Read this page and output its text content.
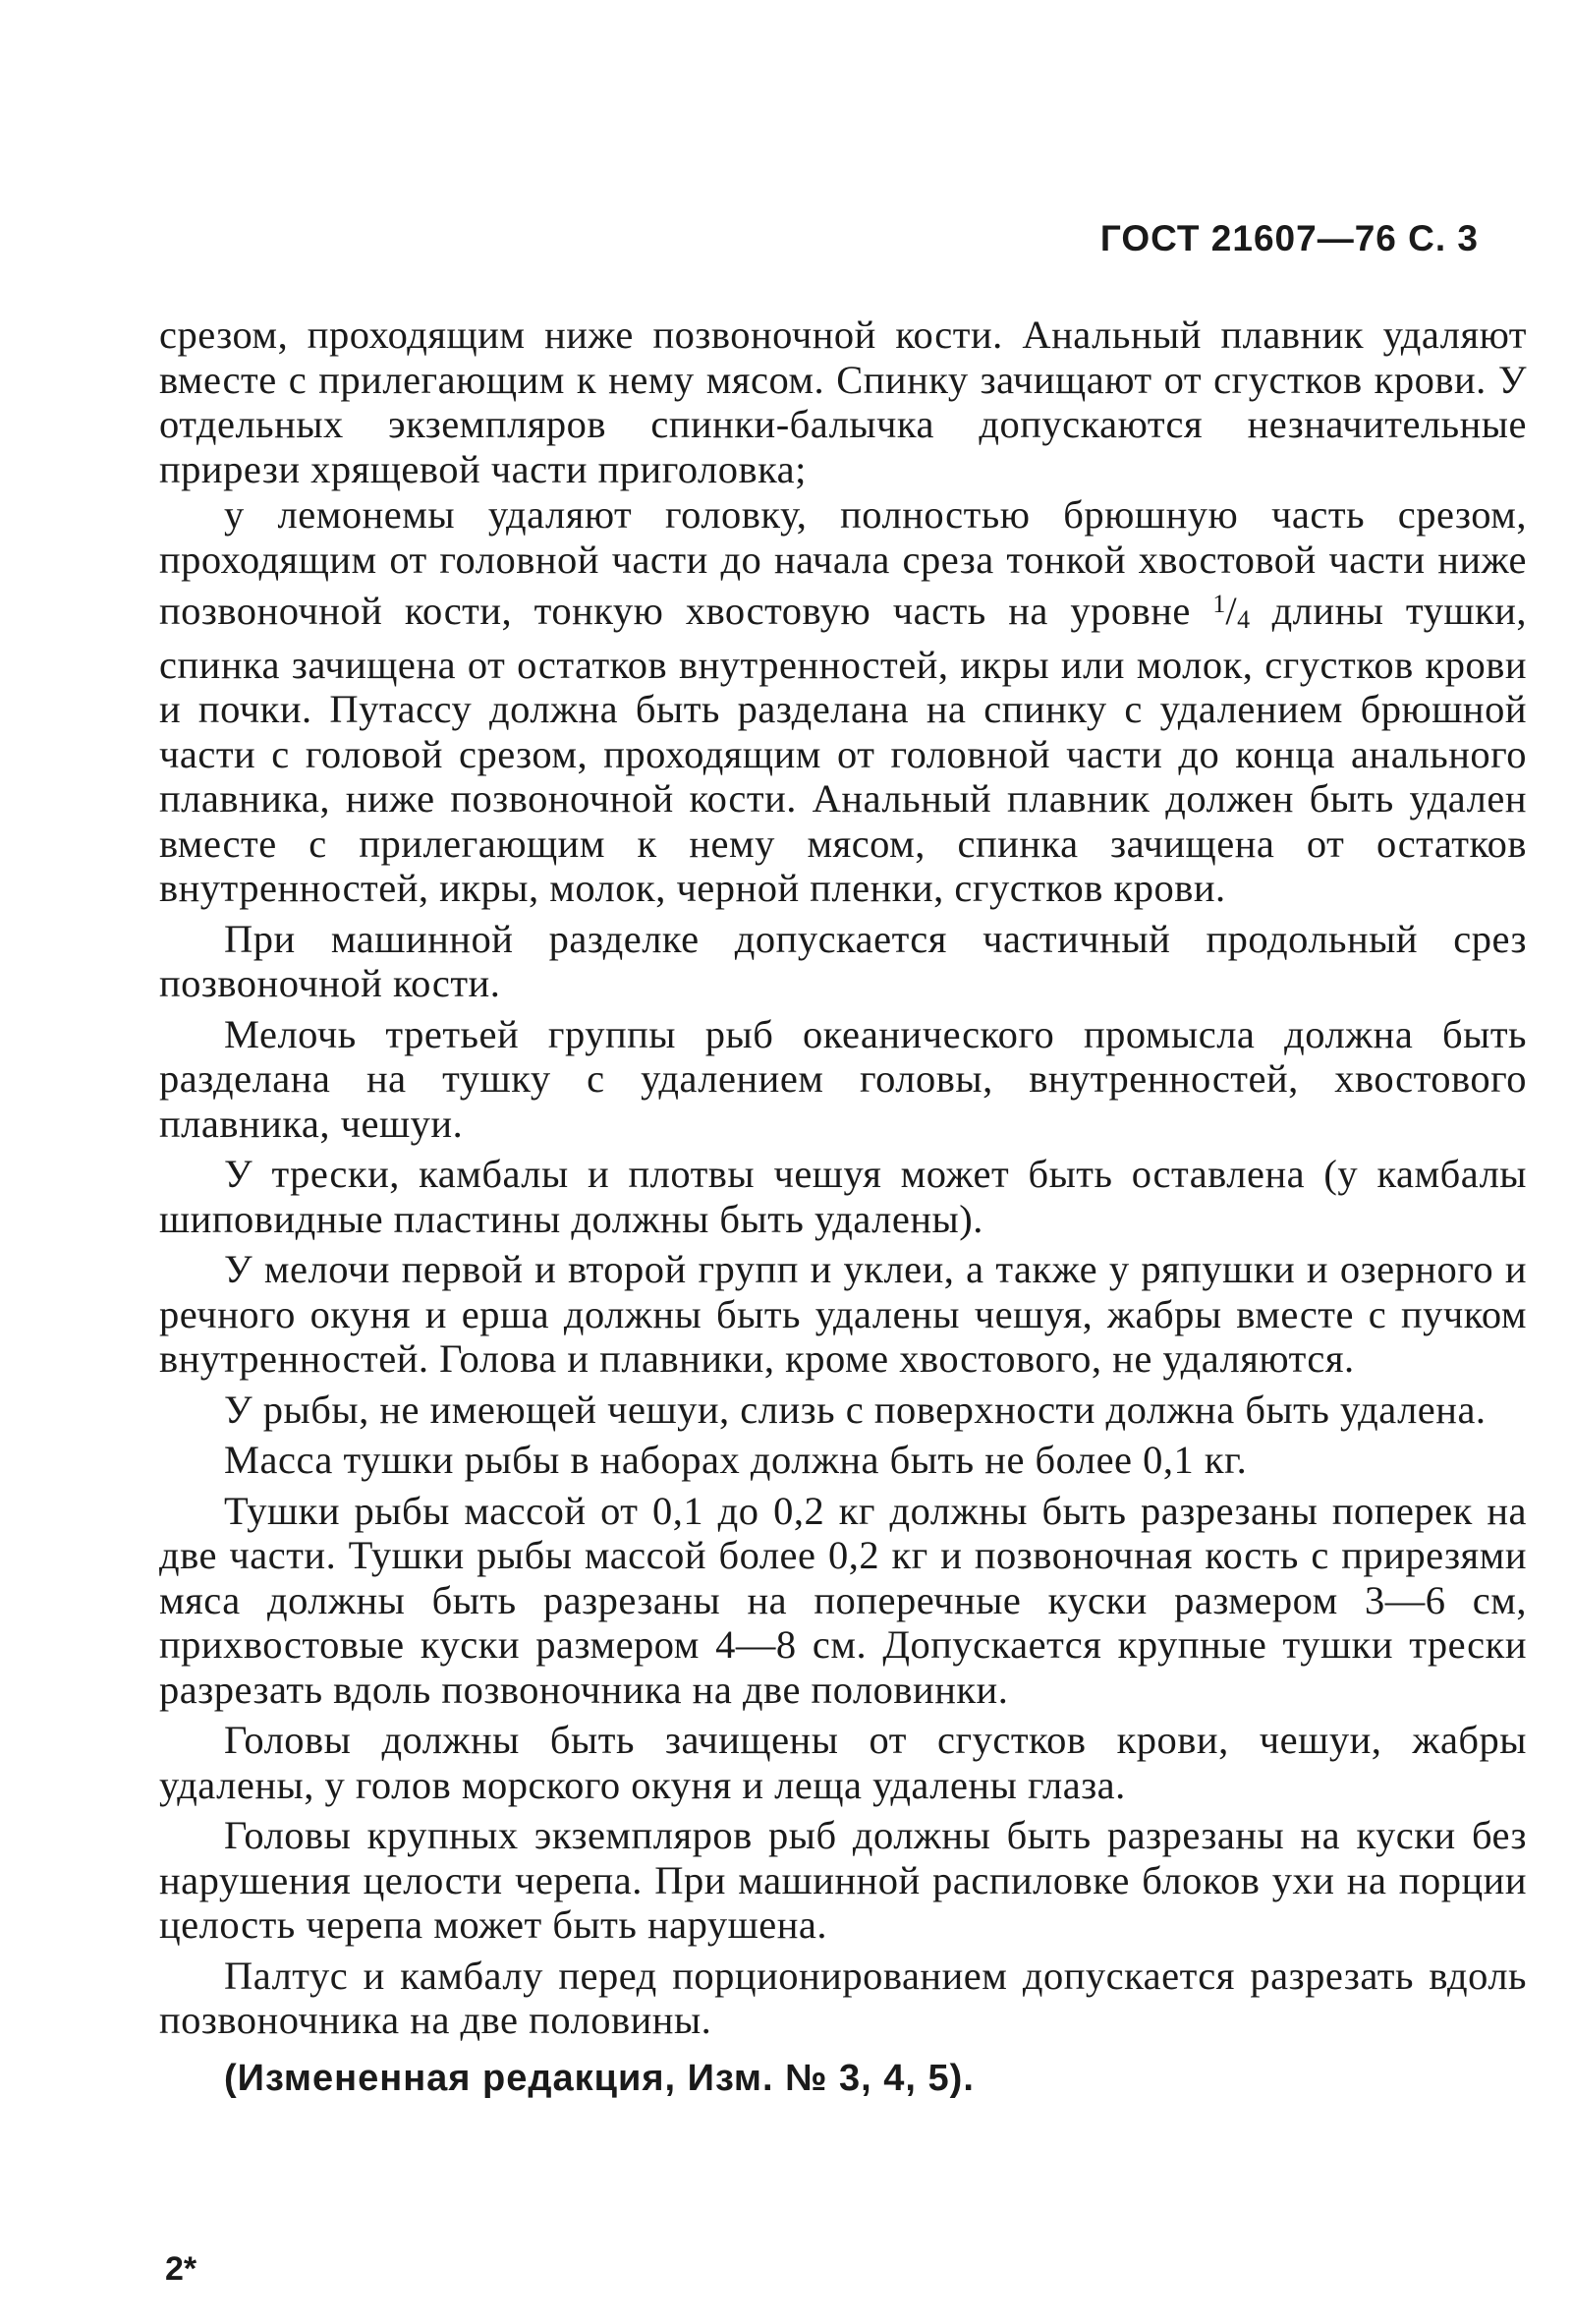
ГОСТ 21607—76 С. 3

срезом, проходящим ниже позвоночной кости. Анальный плавник удаляют вместе с прилегающим к нему мясом. Спинку зачищают от сгустков крови. У отдельных экземпляров спинки-балычка допускаются незначительные прирези хрящевой части приголовка;

у лемонемы удаляют головку, полностью брюшную часть срезом, проходящим от головной части до начала среза тонкой хвостовой части ниже позвоночной кости, тонкую хвостовую часть на уровне $^1$/4 длины тушки, спинка зачищена от остатков внутренностей, икры или молок, сгустков крови и почки. Путассу должна быть разделана на спинку с удалением брюшной части с головой срезом, проходящим от головной части до конца анального плавника, ниже позвоночной кости. Анальный плавник должен быть удален вместе с прилегающим к нему мясом, спинка зачищена от остатков внутренностей, икры, молок, черной пленки, сгустков крови.

При машинной разделке допускается частичный продольный срез позвоночной кости.

Мелочь третьей группы рыб океанического промысла должна быть разделана на тушку с удалением головы, внутренностей, хвостового плавника, чешуи.

У трески, камбалы и плотвы чешуя может быть оставлена (у камбалы шиповидные пластины должны быть удалены).

У мелочи первой и второй групп и уклеи, а также у ряпушки и озерного и речного окуня и ерша должны быть удалены чешуя, жабры вместе с пучком внутренностей. Голова и плавники, кроме хвостового, не удаляются.

У рыбы, не имеющей чешуи, слизь с поверхности должна быть удалена.

Масса тушки рыбы в наборах должна быть не более 0,1 кг.

Тушки рыбы массой от 0,1 до 0,2 кг должны быть разрезаны поперек на две части. Тушки рыбы массой более 0,2 кг и позвоночная кость с прирезями мяса должны быть разрезаны на поперечные куски размером 3—6 см, прихвостовые куски размером 4—8 см. Допускается крупные тушки трески разрезать вдоль позвоночника на две половинки.

Головы должны быть зачищены от сгустков крови, чешуи, жабры удалены, у голов морского окуня и леща удалены глаза.

Головы крупных экземпляров рыб должны быть разрезаны на куски без нарушения целости черепа. При машинной распиловке блоков ухи на порции целость черепа может быть нарушена.

Палтус и камбалу перед порционированием допускается разрезать вдоль позвоночника на две половины.

(Измененная редакция, Изм. № 3, 4, 5).

2*
